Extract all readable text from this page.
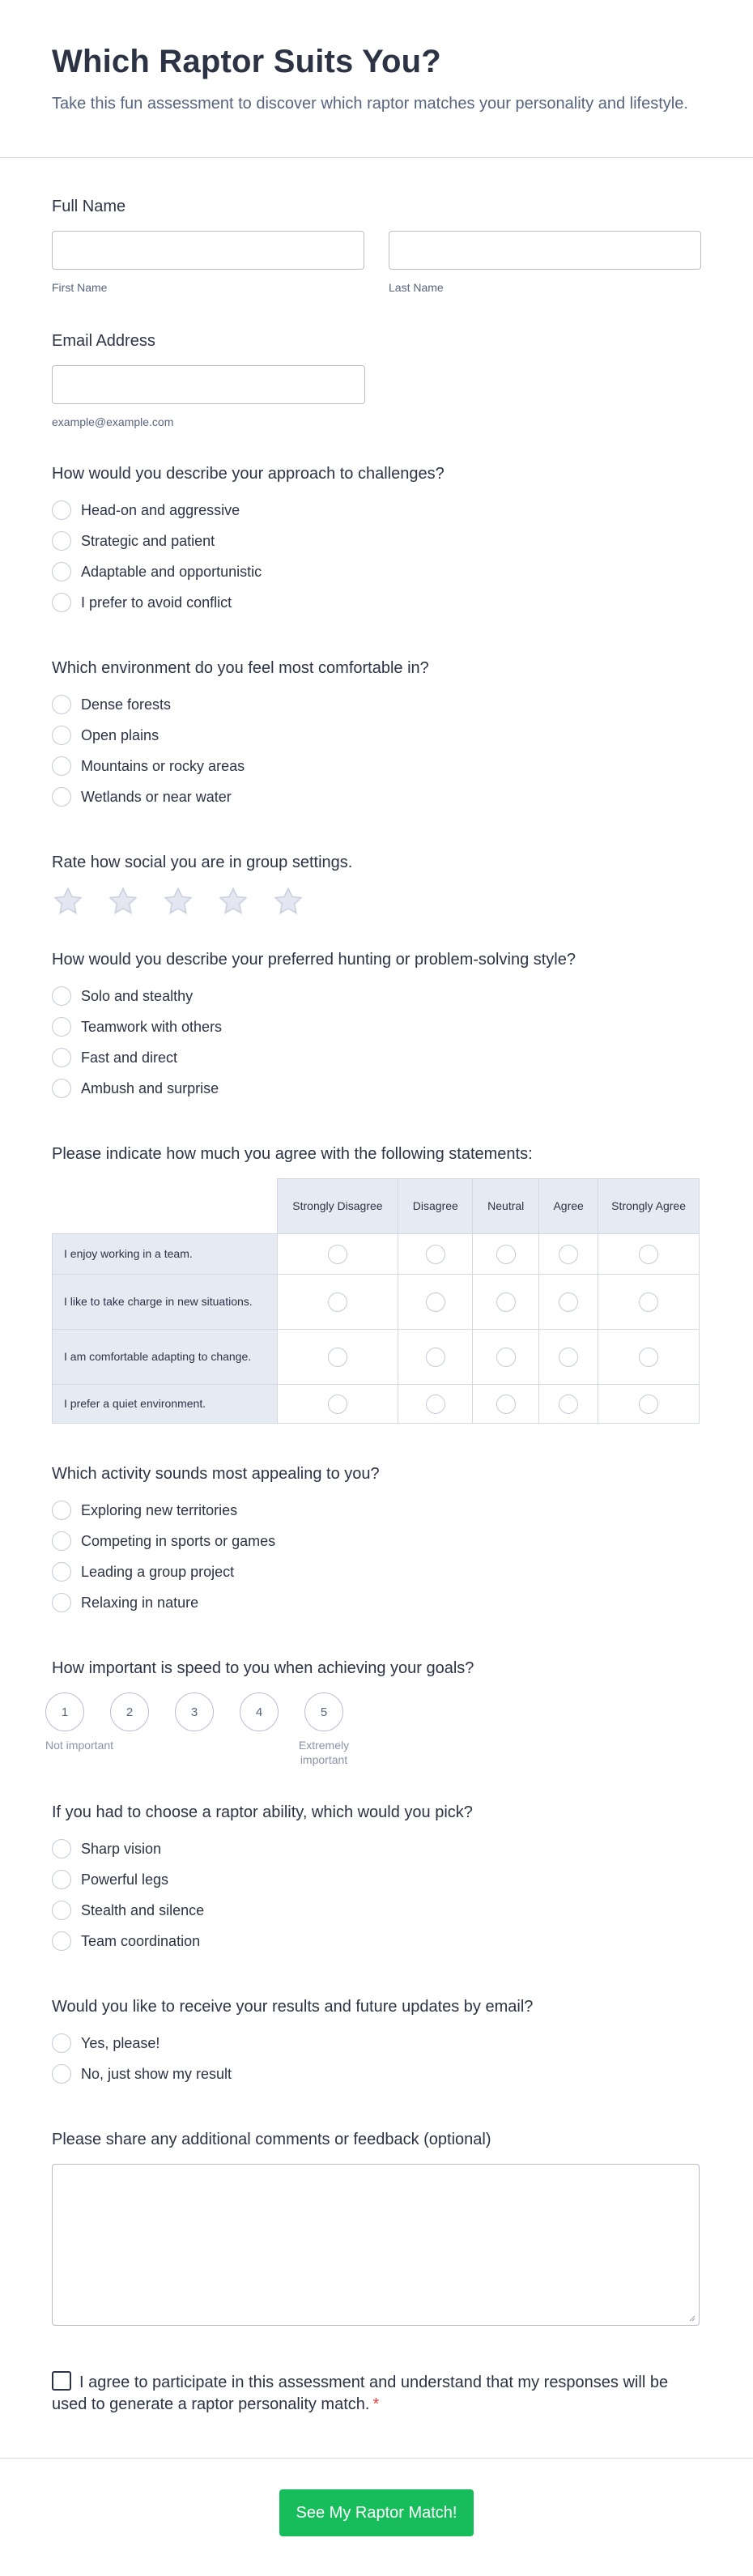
Which Raptor Suits You?

Take this fun assessment to discover which raptor matches your personality and lifestyle.

Full Name
First Name	Last Name
Email Address
example@example.com
How would you describe your approach to challenges?
Head-on and aggressive
Strategic and patient
Adaptable and opportunistic
I prefer to avoid conflict
Which environment do you feel most comfortable in?
Dense forests
Open plains
Mountains or rocky areas
Wetlands or near water
Rate how social you are in group settings.
How would you describe your preferred hunting or problem-solving style?
Solo and stealthy
Teamwork with others
Fast and direct
Ambush and surprise
Please indicate how much you agree with the following statements:
	Strongly Disagree	Disagree	Neutral	Agree	Strongly Agree
I enjoy working in a team.					
I like to take charge in new situations.					
I am comfortable adapting to change.					
I prefer a quiet environment.					
Which activity sounds most appealing to you?
Exploring new territories
Competing in sports or games
Leading a group project
Relaxing in nature
How important is speed to you when achieving your goals?
1
Not important
2	3	4	5
Extremely important
If you had to choose a raptor ability, which would you pick?
Sharp vision
Powerful legs
Stealth and silence
Team coordination
Would you like to receive your results and future updates by email?
Yes, please!
No, just show my result
Please share any additional comments or feedback (optional)
I agree to participate in this assessment and understand that my responses will be used to generate a raptor personality match. *
See My Raptor Match!
